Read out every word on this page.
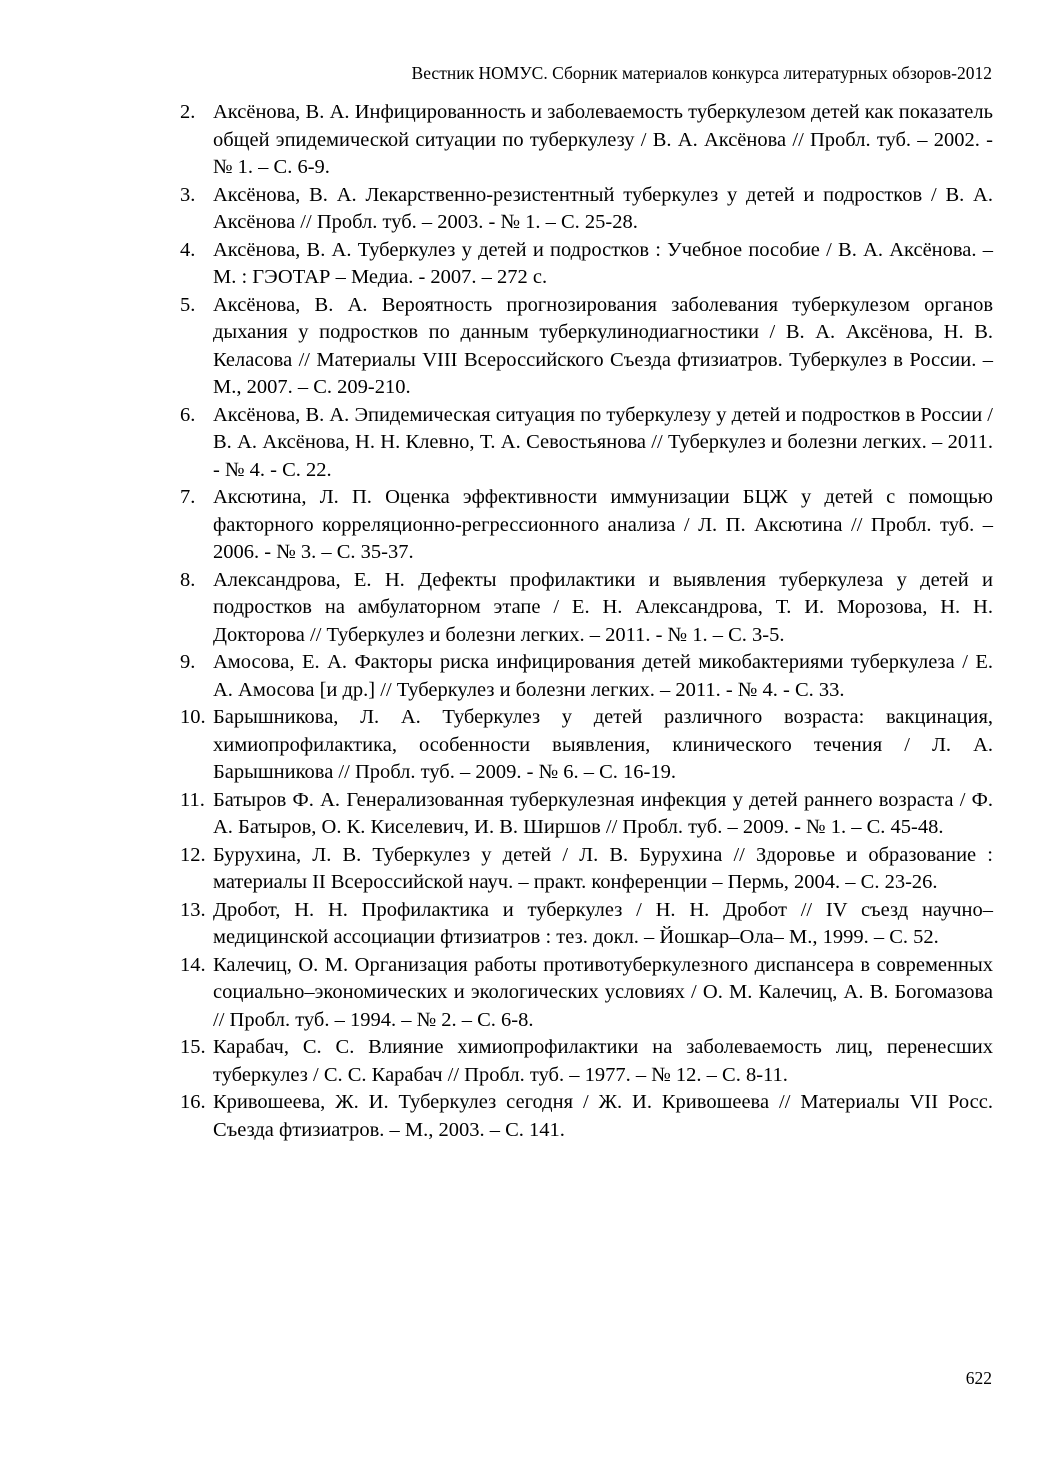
Вестник НОМУС. Сборник материалов конкурса литературных обзоров-2012
2. Аксёнова, В. А. Инфицированность и заболеваемость туберкулезом детей как показатель общей эпидемической ситуации по туберкулезу / В. А. Аксёнова // Пробл. туб. – 2002. - № 1. – С. 6-9.
3. Аксёнова, В. А. Лекарственно-резистентный туберкулез у детей и подростков / В. А. Аксёнова // Пробл. туб. – 2003. - № 1. – С. 25-28.
4. Аксёнова, В. А. Туберкулез у детей и подростков : Учебное пособие / В. А. Аксёнова. – М. : ГЭОТАР – Медиа. - 2007. – 272 с.
5. Аксёнова, В. А. Вероятность прогнозирования заболевания туберкулезом органов дыхания у подростков по данным туберкулинодиагностики / В. А. Аксёнова, Н. В. Келасова // Материалы VIII Всероссийского Съезда фтизиатров. Туберкулез в России. – М., 2007. – С. 209-210.
6. Аксёнова, В. А. Эпидемическая ситуация по туберкулезу у детей и подростков в России / В. А. Аксёнова, Н. Н. Клевно, Т. А. Севостьянова // Туберкулез и болезни легких. – 2011. - № 4. - С. 22.
7. Аксютина, Л. П. Оценка эффективности иммунизации БЦЖ у детей с помощью факторного корреляционно-регрессионного анализа / Л. П. Аксютина // Пробл. туб. – 2006. - № 3. – С. 35-37.
8. Александрова, Е. Н. Дефекты профилактики и выявления туберкулеза у детей и подростков на амбулаторном этапе / Е. Н. Александрова, Т. И. Морозова, Н. Н. Докторова // Туберкулез и болезни легких. – 2011. - № 1. – С. 3-5.
9. Амосова, Е. А. Факторы риска инфицирования детей микобактериями туберкулеза / Е. А. Амосова [и др.] // Туберкулез и болезни легких. – 2011. - № 4. - С. 33.
10. Барышникова, Л. А. Туберкулез у детей различного возраста: вакцинация, химиопрофилактика, особенности выявления, клинического течения / Л. А. Барышникова // Пробл. туб. – 2009. - № 6. – С. 16-19.
11. Батыров Ф. А. Генерализованная туберкулезная инфекция у детей раннего возраста / Ф. А. Батыров, О. К. Киселевич, И. В. Ширшов // Пробл. туб. – 2009. - № 1. – С. 45-48.
12. Бурухина, Л. В. Туберкулез у детей / Л. В. Бурухина // Здоровье и образование : материалы II Всероссийской науч. – практ. конференции – Пермь, 2004. – С. 23-26.
13. Дробот, Н. Н. Профилактика и туберкулез / Н. Н. Дробот // IV съезд научно–медицинской ассоциации фтизиатров : тез. докл. – Йошкар–Ола– М., 1999. – С. 52.
14. Калечиц, О. М. Организация работы противотуберкулезного диспансера в современных социально–экономических и экологических условиях / О. М. Калечиц, А. В. Богомазова // Пробл. туб. – 1994. – № 2. – С. 6-8.
15. Карабач, С. С. Влияние химиопрофилактики на заболеваемость лиц, перенесших туберкулез / С. С. Карабач // Пробл. туб. – 1977. – № 12. – С. 8-11.
16. Кривошеева, Ж. И. Туберкулез сегодня / Ж. И. Кривошеева // Материалы VII Росс. Съезда фтизиатров. – М., 2003. – С. 141.
622
